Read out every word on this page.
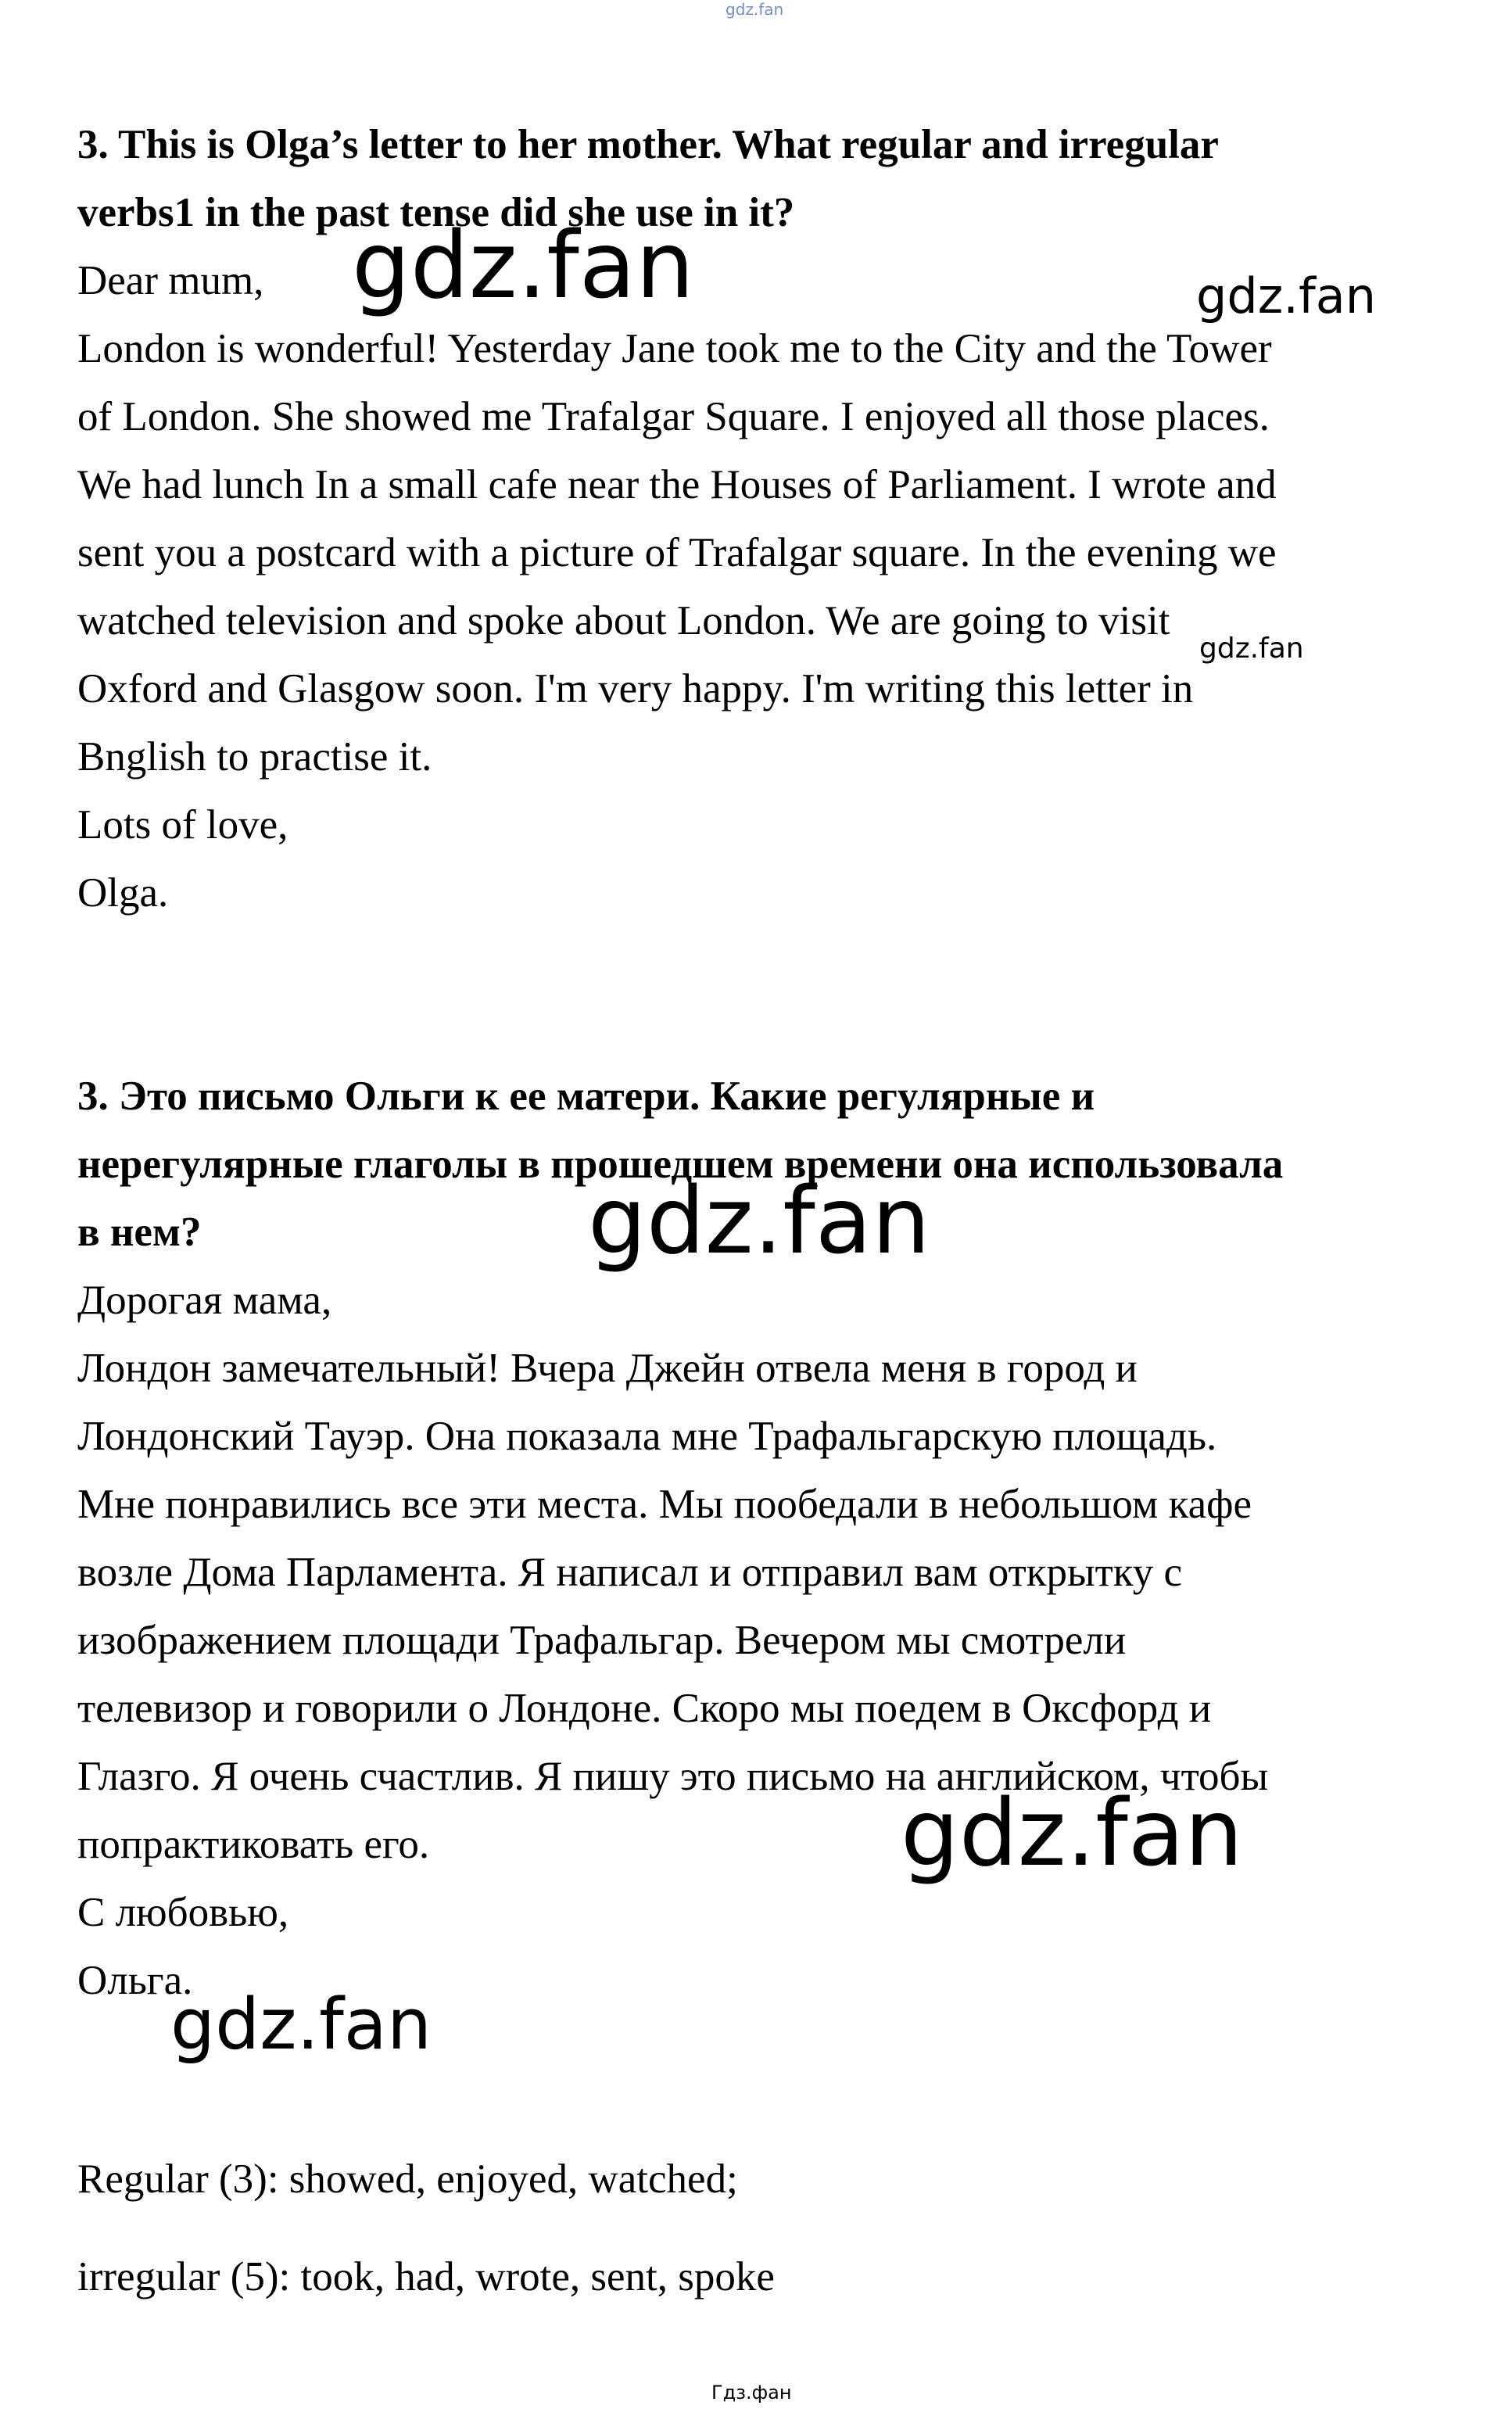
gdz.fan

3. This is Olga’s letter to her mother. What regular and irregular

verbs1 in the past tense did she use in it?

Dear mum,

London is wonderful! Yesterday Jane took me to the City and the Tower

of London. She showed me Trafalgar Square. I enjoyed all those places.

We had lunch In a small cafe near the Houses of Parliament. I wrote and

sent you a postcard with a picture of Trafalgar square. In the evening we

watched television and spoke about London. We are going to visit

Oxford and Glasgow soon. I'm very happy. I'm writing this letter in

Bnglish to practise it.

Lots of love,

Olga.

3. Это письмо Ольги к ее матери. Какие регулярные и

нерегулярные глаголы в прошедшем времени она использовала

в нем?

Дорогая мама,

Лондон замечательный! Вчера Джейн отвела меня в город и

Лондонский Тауэр. Она показала мне Трафальгарскую площадь.

Мне понравились все эти места. Мы пообедали в небольшом кафе

возле Дома Парламента. Я написал и отправил вам открытку с

изображением площади Трафальгар. Вечером мы смотрели

телевизор и говорили о Лондоне. Скоро мы поедем в Оксфорд и

Глазго. Я очень счастлив. Я пишу это письмо на английском, чтобы

попрактиковать его.

С любовью,

Ольга.

Regular (3): showed, enjoyed, watched;

irregular (5): took, had, wrote, sent, spoke

gdz.fan	gdz.fan
gdz.fan
gdz.fan
gdz.fan
gdz.fan
Гдз.фан
